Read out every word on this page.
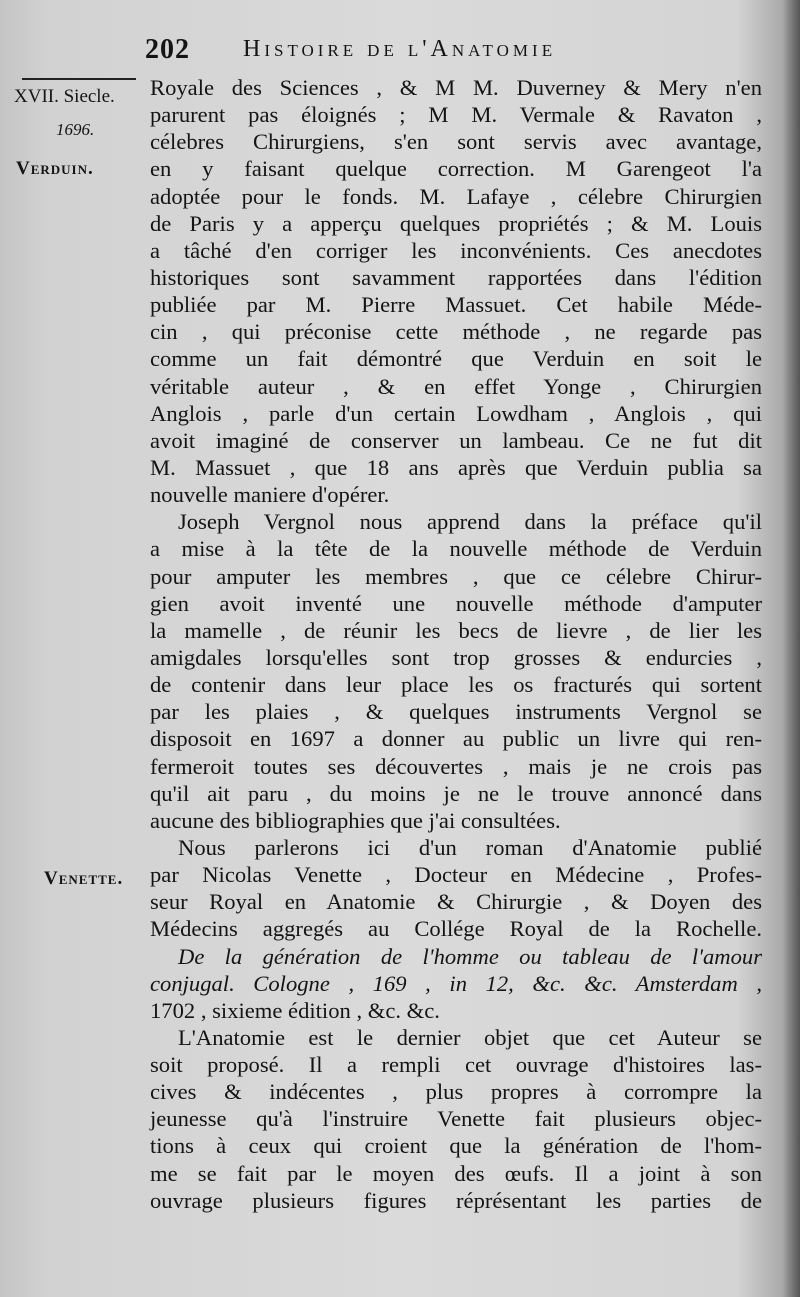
202 Histoire de l'Anatomie
XVII. Siecle.
1696.
Verduin.
Venette.
Royale des Sciences , & M M. Duverney & Mery n'en
parurent pas éloignés ; M M. Vermale & Ravaton ,
célebres Chirurgiens, s'en sont servis avec avantage,
en y faisant quelque correction. M Garengeot l'a
adoptée pour le fonds. M. Lafaye , célebre Chirurgien
de Paris y a apperçu quelques propriétés ; & M. Louis
a tâché d'en corriger les inconvénients. Ces anecdotes
historiques sont savamment rapportées dans l'édition
publiée par M. Pierre Massuet. Cet habile Méde-
cin , qui préconise cette méthode , ne regarde pas
comme un fait démontré que Verduin en soit le
véritable auteur , & en effet Yonge , Chirurgien
Anglois , parle d'un certain Lowdham , Anglois , qui
avoit imaginé de conserver un lambeau. Ce ne fut dit
M. Massuet , que 18 ans après que Verduin publia sa
nouvelle maniere d'opérer.
Joseph Vergnol nous apprend dans la préface qu'il
a mise à la tête de la nouvelle méthode de Verduin
pour amputer les membres , que ce célebre Chirur-
gien avoit inventé une nouvelle méthode d'amputer
la mamelle , de réunir les becs de lievre , de lier les
amigdales lorsqu'elles sont trop grosses & endurcies ,
de contenir dans leur place les os fracturés qui sortent
par les plaies , & quelques instruments Vergnol se
disposoit en 1697 a donner au public un livre qui ren-
fermeroit toutes ses découvertes , mais je ne crois pas
qu'il ait paru , du moins je ne le trouve annoncé dans
aucune des bibliographies que j'ai consultées.
Nous parlerons ici d'un roman d'Anatomie publié
par Nicolas Venette , Docteur en Médecine , Profes-
seur Royal en Anatomie & Chirurgie , & Doyen des
Médecins aggregés au Collége Royal de la Rochelle.
De la génération de l'homme ou tableau de l'amour
conjugal. Cologne , 169 , in 12, &c. &c. Amsterdam ,
1702 , sixieme édition , &c. &c.
L'Anatomie est le dernier objet que cet Auteur se
soit proposé. Il a rempli cet ouvrage d'histoires las-
cives & indécentes , plus propres à corrompre la
jeunesse qu'à l'instruire Venette fait plusieurs objec-
tions à ceux qui croient que la génération de l'hom-
me se fait par le moyen des œufs. Il a joint à son
ouvrage plusieurs figures réprésentant les parties de
